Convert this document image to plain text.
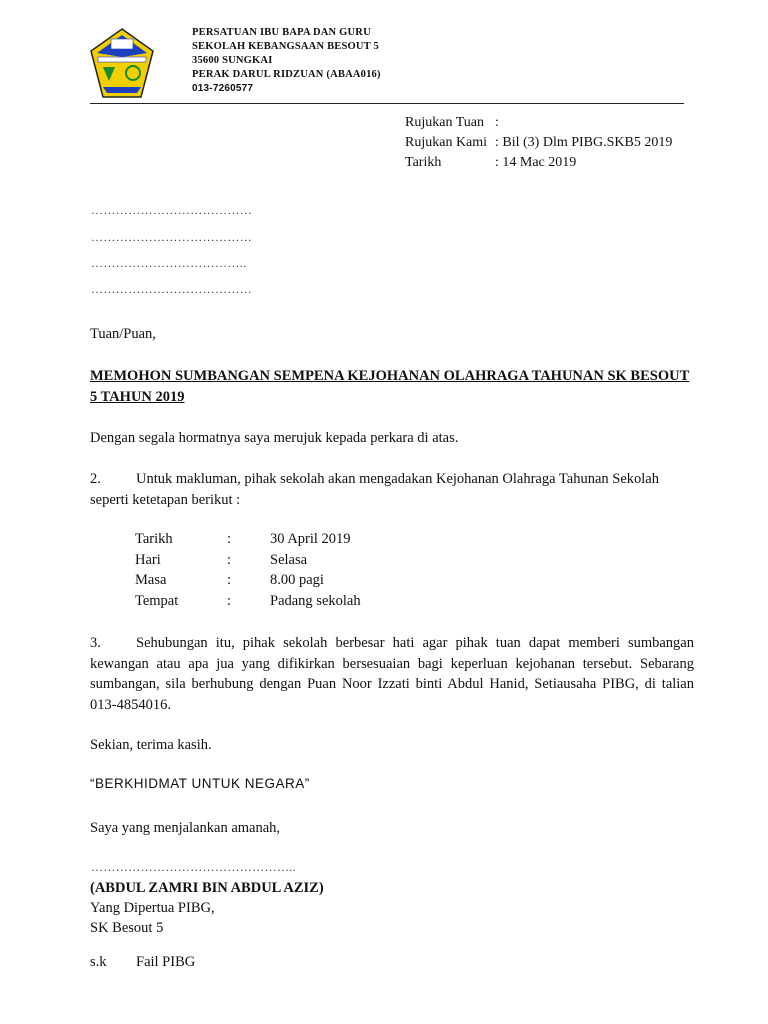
PERSATUAN IBU BAPA DAN GURU
SEKOLAH KEBANGSAAN BESOUT 5
35600 SUNGKAI
PERAK DARUL RIDZUAN (ABAA016)
013-7260577
Rujukan Tuan :
Rujukan Kami : Bil (3) Dlm PIBG.SKB5 2019
Tarikh	: 14 Mac 2019
…………………………………
…………………………………
………………………………..
…………………………………
Tuan/Puan,
MEMOHON SUMBANGAN SEMPENA KEJOHANAN OLAHRAGA TAHUNAN SK BESOUT 5 TAHUN 2019
Dengan segala hormatnya saya merujuk kepada perkara di atas.
2. Untuk makluman, pihak sekolah akan mengadakan Kejohanan Olahraga Tahunan Sekolah seperti ketetapan berikut :
Tarikh	:	30 April 2019
Hari	:	Selasa
Masa	:	8.00 pagi
Tempat	:	Padang sekolah
3. Sehubungan itu, pihak sekolah berbesar hati agar pihak tuan dapat memberi sumbangan kewangan atau apa jua yang difikirkan bersesuaian bagi keperluan kejohanan tersebut. Sebarang sumbangan, sila berhubung dengan Puan Noor Izzati binti Abdul Hanid, Setiausaha PIBG, di talian 013-4854016.
Sekian, terima kasih.
“BERKHIDMAT UNTUK NEGARA”
Saya yang menjalankan amanah,
…………………………………………..
(ABDUL ZAMRI BIN ABDUL AZIZ)
Yang Dipertua PIBG,
SK Besout 5
s.k Fail PIBG
